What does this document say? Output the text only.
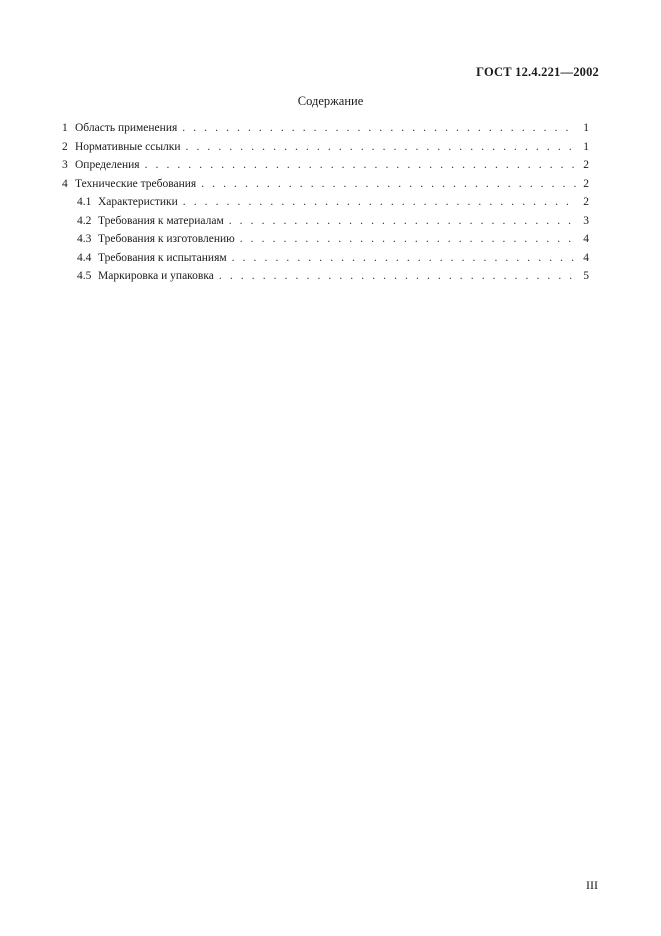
ГОСТ 12.4.221—2002
Содержание
1 Область применения . . .	1
2 Нормативные ссылки . . .	1
3 Определения . . .	2
4 Технические требования . . .	2
4.1 Характеристики . . .	2
4.2 Требования к материалам . . .	3
4.3 Требования к изготовлению . . .	4
4.4 Требования к испытаниям . . .	4
4.5 Маркировка и упаковка . . .	5
III
